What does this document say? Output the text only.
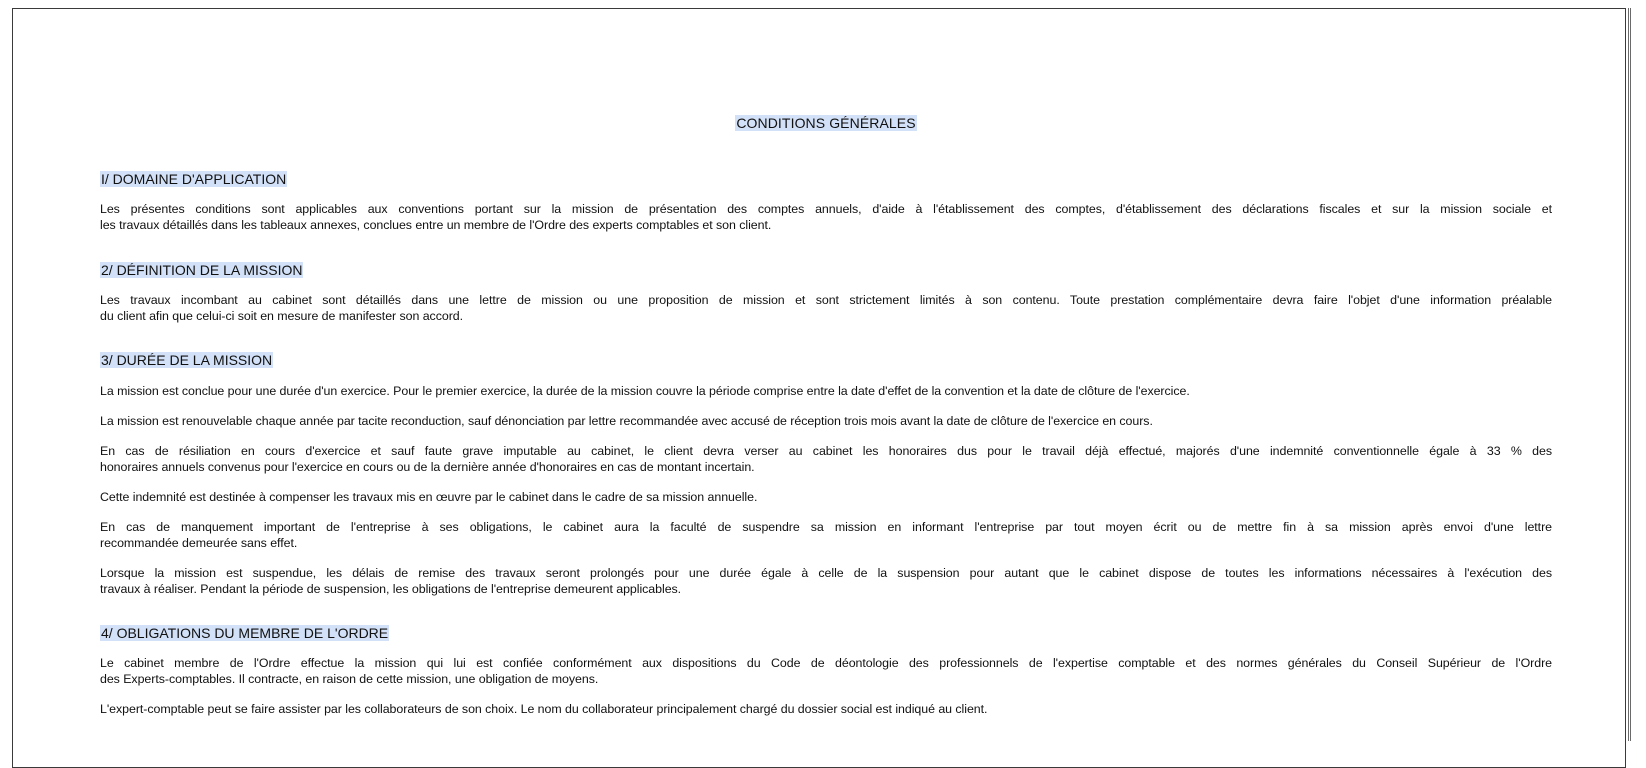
CONDITIONS GÉNÉRALES
I/ DOMAINE D'APPLICATION

Les présentes conditions sont applicables aux conventions portant sur la mission de présentation des comptes annuels, d'aide à l'établissement des comptes, d'établissement des déclarations fiscales et sur la mission sociale et
les travaux détaillés dans les tableaux annexes, conclues entre un membre de l'Ordre des experts comptables et son client.

2/ DÉFINITION DE LA MISSION

Les travaux incombant au cabinet sont détaillés dans une lettre de mission ou une proposition de mission et sont strictement limités à son contenu. Toute prestation complémentaire devra faire l'objet d'une information préalable
du client afin que celui-ci soit en mesure de manifester son accord.

3/ DURÉE DE LA MISSION

La mission est conclue pour une durée d'un exercice. Pour le premier exercice, la durée de la mission couvre la période comprise entre la date d'effet de la convention et la date de clôture de l'exercice.

La mission est renouvelable chaque année par tacite reconduction, sauf dénonciation par lettre recommandée avec accusé de réception trois mois avant la date de clôture de l'exercice en cours.

En cas de résiliation en cours d'exercice et sauf faute grave imputable au cabinet, le client devra verser au cabinet les honoraires dus pour le travail déjà effectué, majorés d'une indemnité conventionnelle égale à 33 % des
honoraires annuels convenus pour l'exercice en cours ou de la dernière année d'honoraires en cas de montant incertain.

Cette indemnité est destinée à compenser les travaux mis en œuvre par le cabinet dans le cadre de sa mission annuelle.

En cas de manquement important de l'entreprise à ses obligations, le cabinet aura la faculté de suspendre sa mission en informant l'entreprise par tout moyen écrit ou de mettre fin à sa mission après envoi d'une lettre
recommandée demeurée sans effet.

Lorsque la mission est suspendue, les délais de remise des travaux seront prolongés pour une durée égale à celle de la suspension pour autant que le cabinet dispose de toutes les informations nécessaires à l'exécution des
travaux à réaliser. Pendant la période de suspension, les obligations de l'entreprise demeurent applicables.

4/ OBLIGATIONS DU MEMBRE DE L'ORDRE

Le cabinet membre de l'Ordre effectue la mission qui lui est confiée conformément aux dispositions du Code de déontologie des professionnels de l'expertise comptable et des normes générales du Conseil Supérieur de l'Ordre
des Experts-comptables. Il contracte, en raison de cette mission, une obligation de moyens.

L'expert-comptable peut se faire assister par les collaborateurs de son choix. Le nom du collaborateur principalement chargé du dossier social est indiqué au client.
